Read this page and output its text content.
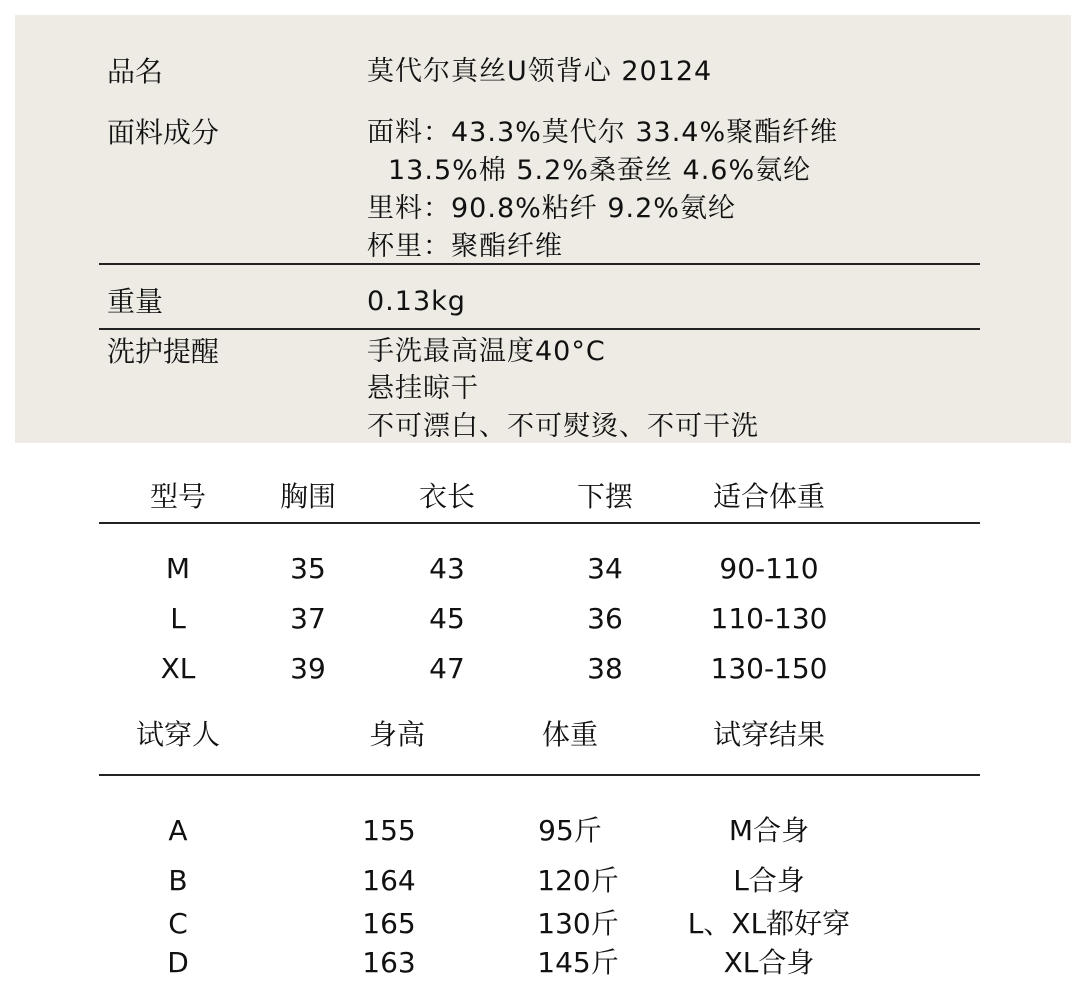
品名	莫代尔真丝U领背心 20124
面料成分	面料：43.3%莫代尔 33.4%聚酯纤维
13.5%棉 5.2%桑蚕丝 4.6%氨纶
里料：90.8%粘纤 9.2%氨纶
杯里：聚酯纤维
重量	0.13kg
洗护提醒	手洗最高温度40°C
悬挂晾干
不可漂白、不可熨烫、不可干洗
型号	胸围	衣长	下摆	适合体重
M	35	43	34	90-110
L	37	45	36	110-130
XL	39	47	38	130-150
试穿人	身高	体重	试穿结果
A	155	95斤	M合身
B	164	120斤	L合身
C	165	130斤	L、XL都好穿
D	163	145斤	XL合身
